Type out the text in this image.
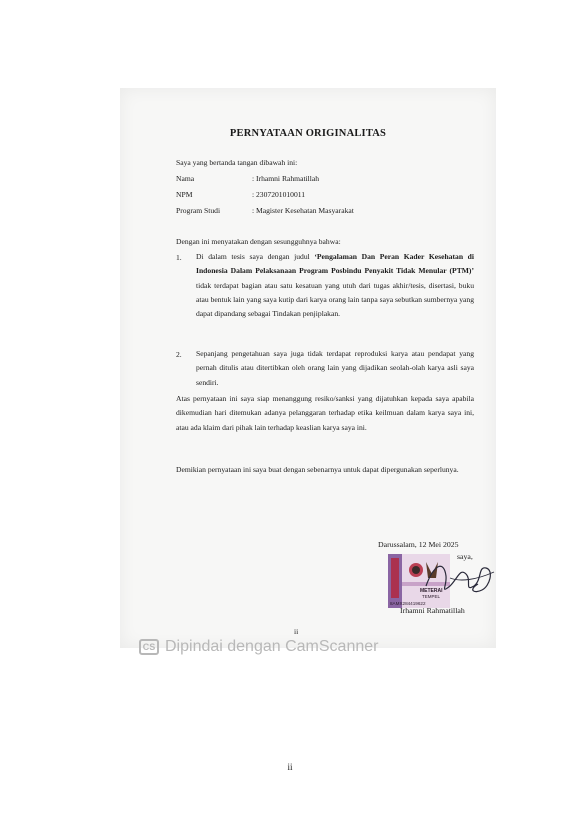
PERNYATAAN ORIGINALITAS
Saya yang bertanda tangan dibawah ini:
Nama	: Irhamni Rahmatillah
NPM	: 2307201010011
Program Studi	: Magister Kesehatan Masyarakat
Dengan ini menyatakan dengan sesungguhnya bahwa:
1. Di dalam tesis saya dengan judul ‘Pengalaman Dan Peran Kader Kesehatan di Indonesia Dalam Pelaksanaan Program Posbindu Penyakit Tidak Menular (PTM)’ tidak terdapat bagian atau satu kesatuan yang utuh dari tugas akhir/tesis, disertasi, buku atau bentuk lain yang saya kutip dari karya orang lain tanpa saya sebutkan sumbernya yang dapat dipandang sebagai Tindakan penjiplakan.
2. Sepanjang pengetahuan saya juga tidak terdapat reproduksi karya atau pendapat yang pernah ditulis atau ditertibkan oleh orang lain yang dijadikan seolah-olah karya asli saya sendiri.
Atas pernyataan ini saya siap menanggung resiko/sanksi yang dijatuhkan kepada saya apabila dikemudian hari ditemukan adanya pelanggaran terhadap etika keilmuan dalam karya saya ini, atau ada klaim dari pihak lain terhadap keaslian karya saya ini.
Demikian pernyataan ini saya buat dengan sebenarnya untuk dapat dipergunakan seperlunya.
Darussalam, 12 Mei 2025
saya,
METERAI
TEMPEL
8AMX284419622
Irhamni Rahmatillah
ii
CS Dipindai dengan CamScanner
ii
